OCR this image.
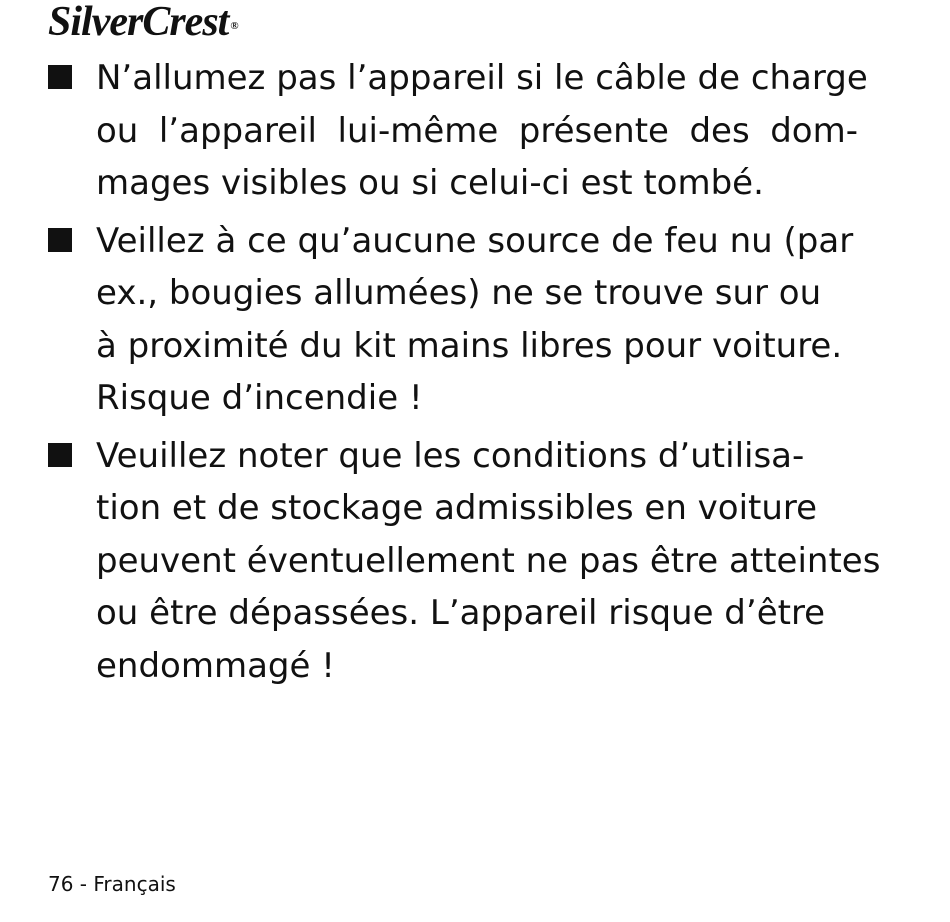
SilverCrest ®
N’allumez pas l’appareil si le câble de charge
ou l’appareil lui-même présente des dom-
mages visibles ou si celui-ci est tombé.
Veillez à ce qu’aucune source de feu nu (par
ex., bougies allumées) ne se trouve sur ou
à proximité du kit mains libres pour voiture.
Risque d’incendie !
Veuillez noter que les conditions d’utilisa-
tion et de stockage admissibles en voiture
peuvent éventuellement ne pas être atteintes
ou être dépassées. L’appareil risque d’être
endommagé !
76 - Français
